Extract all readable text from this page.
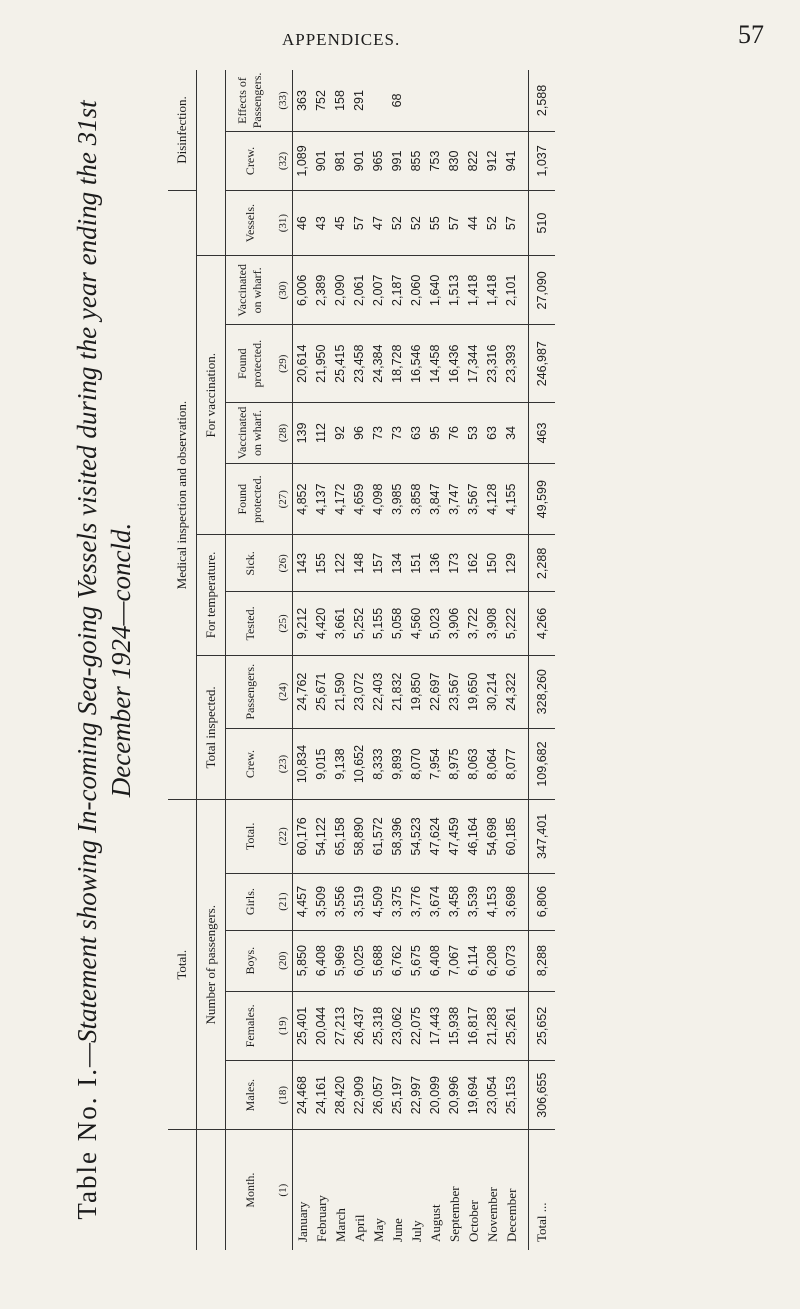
APPENDICES.	57
Table No. I.—Statement showing In-coming Sea-going Vessels visited during the year ending the 31st December 1924—concld.
	Total.					Medical inspection and observation.									Disinfection.	
	Number of passengers.					Total inspected.		For temperature.		For vaccination.						
Month.	Males.	Females.	Boys.	Girls.	Total.	Crew.	Passengers.	Tested.	Sick.	Found protected.	Vaccinated on wharf.	Found protected.	Vaccinated on wharf.	Vessels.	Crew.	Effects of Passengers.
(1)	(18)	(19)	(20)	(21)	(22)	(23)	(24)	(25)	(26)	(27)	(28)	(29)	(30)	(31)	(32)	(33)
January	24,468	25,401	5,850	4,457	60,176	10,834	24,762	9,212	143	4,852	139	20,614	6,006	46	1,089	363
February	24,161	20,044	6,408	3,509	54,122	9,015	25,671	4,420	155	4,137	112	21,950	2,389	43	901	752
March	28,420	27,213	5,969	3,556	65,158	9,138	21,590	3,661	122	4,172	92	25,415	2,090	45	981	158
April	22,909	26,437	6,025	3,519	58,890	10,652	23,072	5,252	148	4,659	96	23,458	2,061	57	901	291
May	26,057	25,318	5,688	4,509	61,572	8,333	22,403	5,155	157	4,098	73	24,384	2,007	47	965	
June	25,197	23,062	6,762	3,375	58,396	9,893	21,832	5,058	134	3,985	73	18,728	2,187	52	991	68
July	22,997	22,075	5,675	3,776	54,523	8,070	19,850	4,560	151	3,858	63	16,546	2,060	52	855	
August	20,099	17,443	6,408	3,674	47,624	7,954	22,697	5,023	136	3,847	95	14,458	1,640	55	753	
September	20,996	15,938	7,067	3,458	47,459	8,975	23,567	3,906	173	3,747	76	16,436	1,513	57	830	
October	19,694	16,817	6,114	3,539	46,164	8,063	19,650	3,722	162	3,567	53	17,344	1,418	44	822	
November	23,054	21,283	6,208	4,153	54,698	8,064	30,214	3,908	150	4,128	63	23,316	1,418	52	912	
December	25,153	25,261	6,073	3,698	60,185	8,077	24,322	5,222	129	4,155	34	23,393	2,101	57	941	
Total ...	306,655	25,652	8,288	6,806	347,401	109,682	328,260	4,266	2,288	49,599	463	246,987	27,090	510	1,037	2,588
